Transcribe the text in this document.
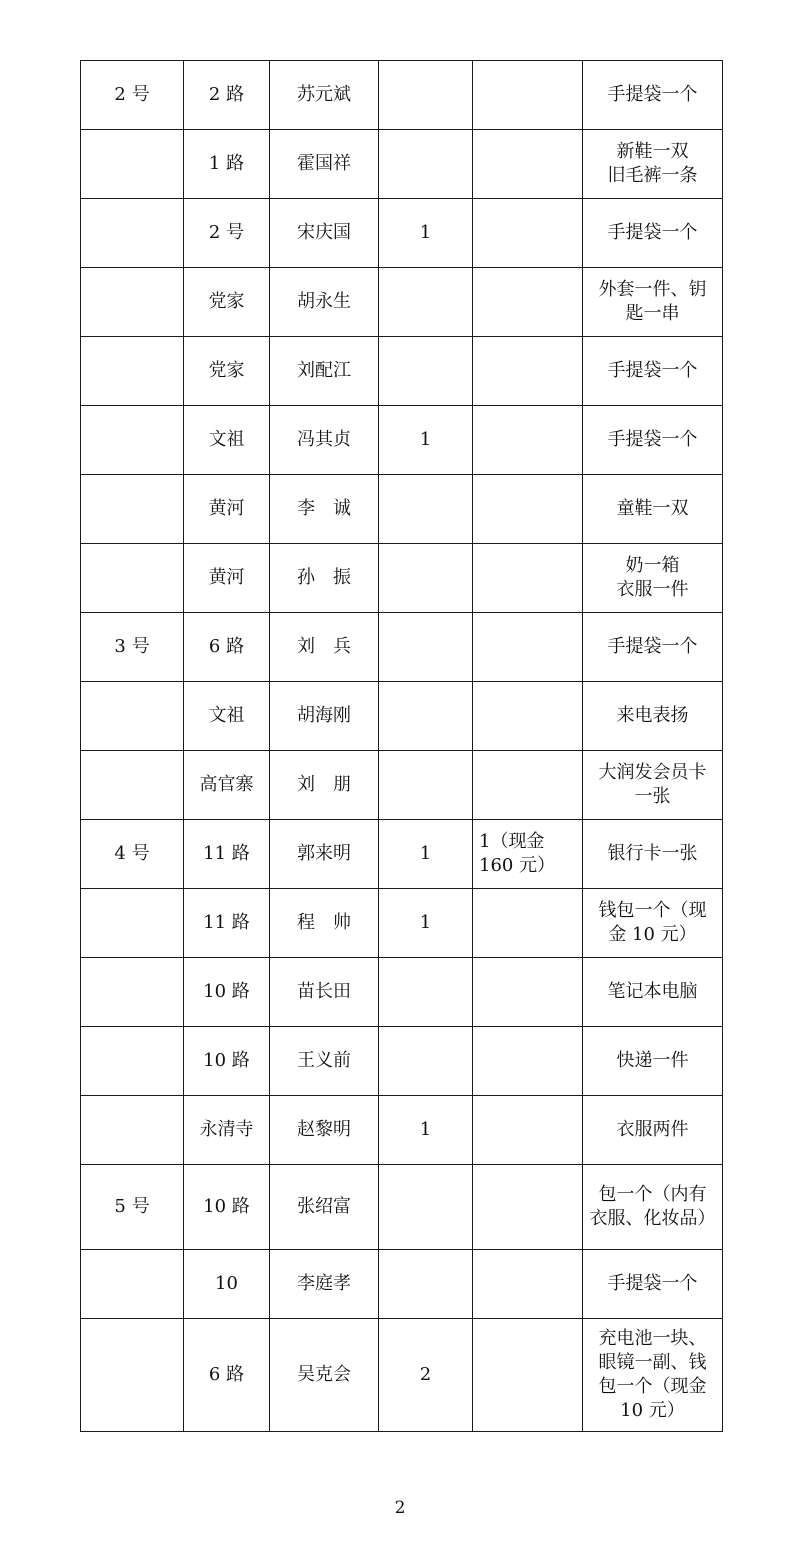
2 号	2 路	苏元斌			手提袋一个
	1 路	霍国祥			新鞋一双
旧毛裤一条
	2 号	宋庆国	1		手提袋一个
	党家	胡永生			外套一件、钥
匙一串
	党家	刘配江			手提袋一个
	文祖	冯其贞	1		手提袋一个
	黄河	李　诚			童鞋一双
	黄河	孙　振			奶一箱
衣服一件
3 号	6 路	刘　兵			手提袋一个
	文祖	胡海刚			来电表扬
	高官寨	刘　朋			大润发会员卡
一张
4 号	11 路	郭来明	1	1（现金
160 元）	银行卡一张
	11 路	程　帅	1		钱包一个（现
金 10 元）
	10 路	苗长田			笔记本电脑
	10 路	王义前			快递一件
	永清寺	赵黎明	1		衣服两件
5 号	10 路	张绍富			包一个（内有
衣服、化妆品）
	10	李庭孝			手提袋一个
	6 路	吴克会	2		充电池一块、
眼镜一副、钱
包一个（现金
10 元）
2
